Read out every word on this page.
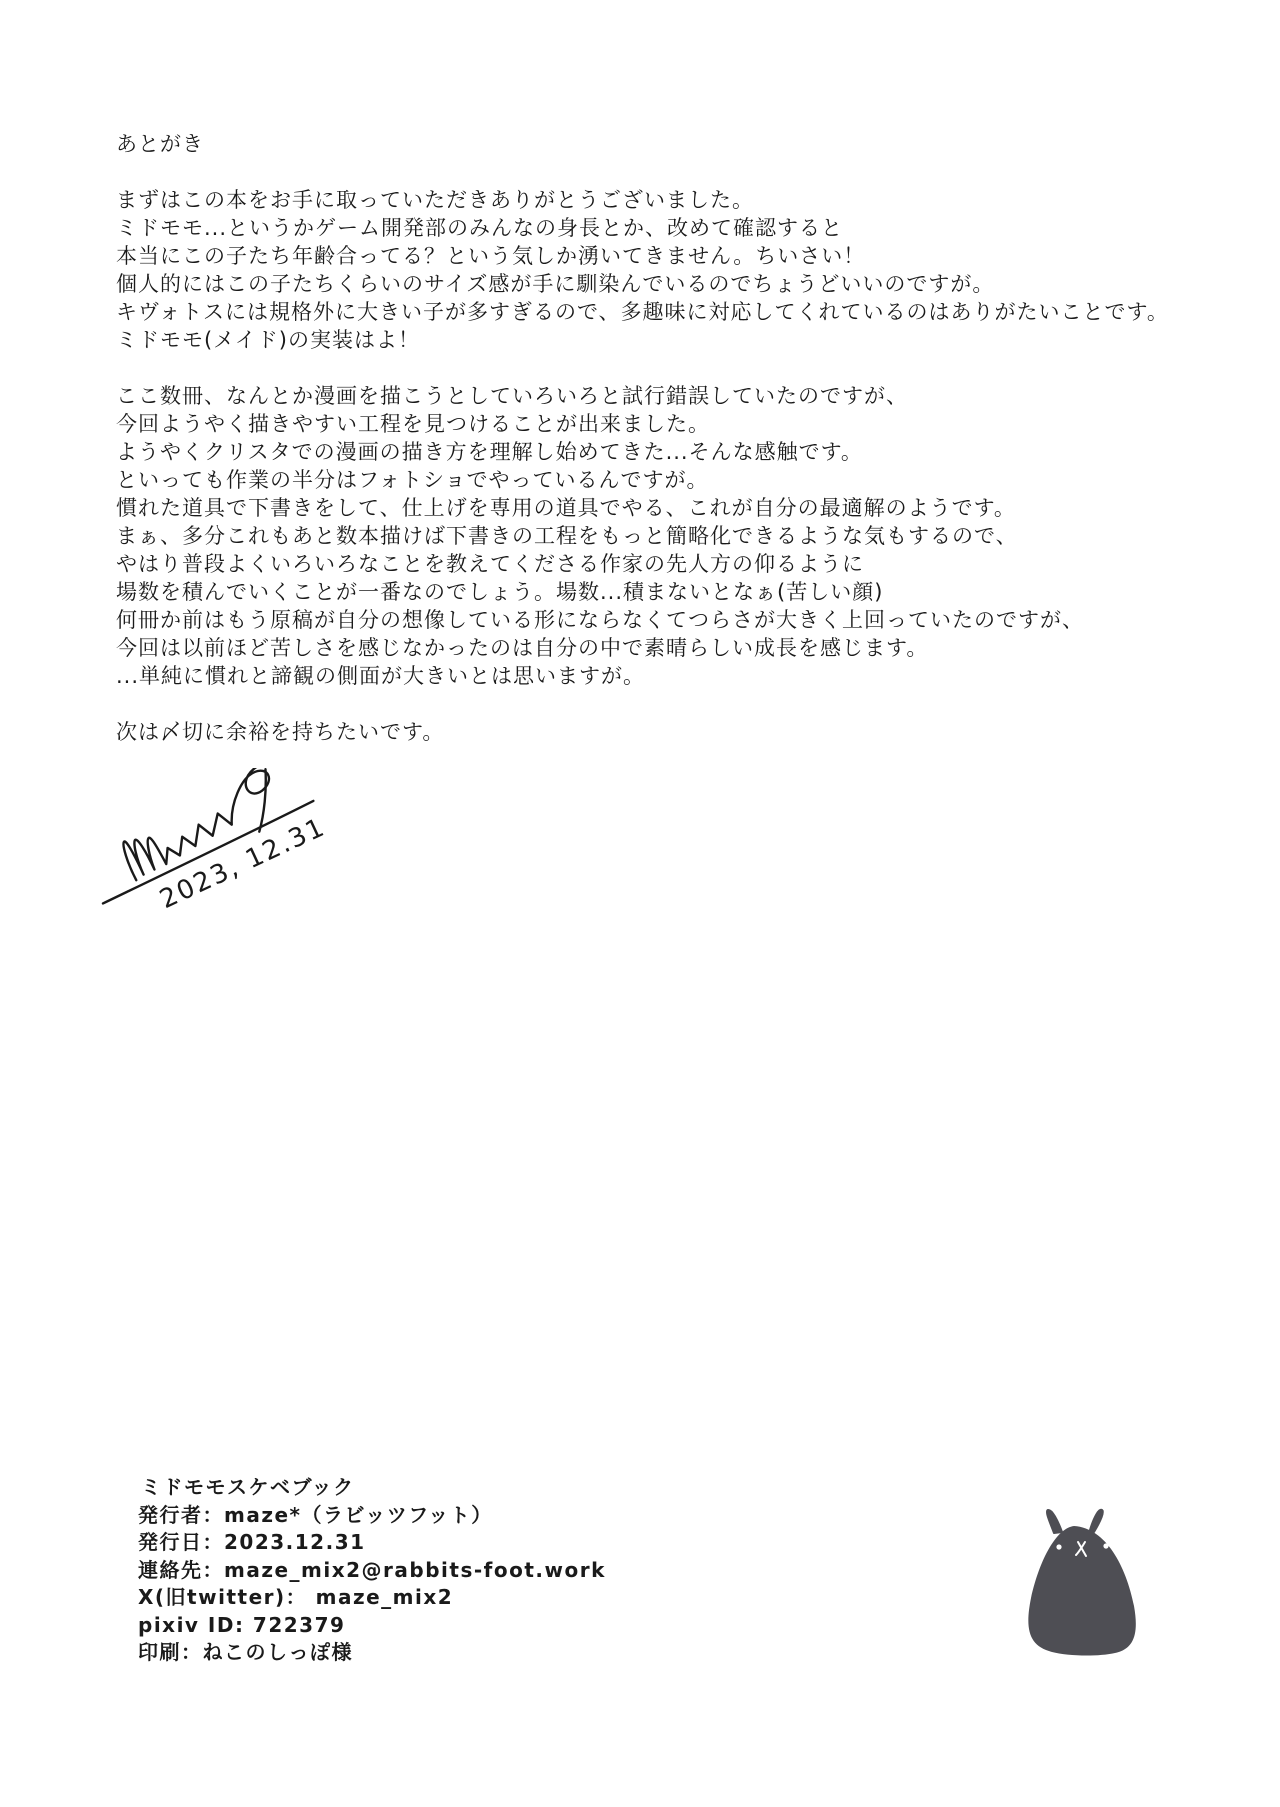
あとがき
まずはこの本をお手に取っていただきありがとうございました。
ミドモモ...というかゲーム開発部のみんなの身長とか、改めて確認すると
本当にこの子たち年齢合ってる？という気しか湧いてきません。ちいさい！
個人的にはこの子たちくらいのサイズ感が手に馴染んでいるのでちょうどいいのですが。
キヴォトスには規格外に大きい子が多すぎるので、多趣味に対応してくれているのはありがたいことです。
ミドモモ(メイド)の実装はよ！
ここ数冊、なんとか漫画を描こうとしていろいろと試行錯誤していたのですが、
今回ようやく描きやすい工程を見つけることが出来ました。
ようやくクリスタでの漫画の描き方を理解し始めてきた...そんな感触です。
といっても作業の半分はフォトショでやっているんですが。
慣れた道具で下書きをして、仕上げを専用の道具でやる、これが自分の最適解のようです。
まぁ、多分これもあと数本描けば下書きの工程をもっと簡略化できるような気もするので、
やはり普段よくいろいろなことを教えてくださる作家の先人方の仰るように
場数を積んでいくことが一番なのでしょう。場数...積まないとなぁ(苦しい顔)
何冊か前はもう原稿が自分の想像している形にならなくてつらさが大きく上回っていたのですが、
今回は以前ほど苦しさを感じなかったのは自分の中で素晴らしい成長を感じます。
...単純に慣れと諦観の側面が大きいとは思いますが。
次は〆切に余裕を持ちたいです。
2023, 12.31
ミドモモスケベブック
発行者：maze*（ラビッツフット）
発行日：2023.12.31
連絡先：maze_mix2@rabbits-foot.work
X(旧twitter)： maze_mix2
pixiv ID: 722379
印刷：ねこのしっぽ様
